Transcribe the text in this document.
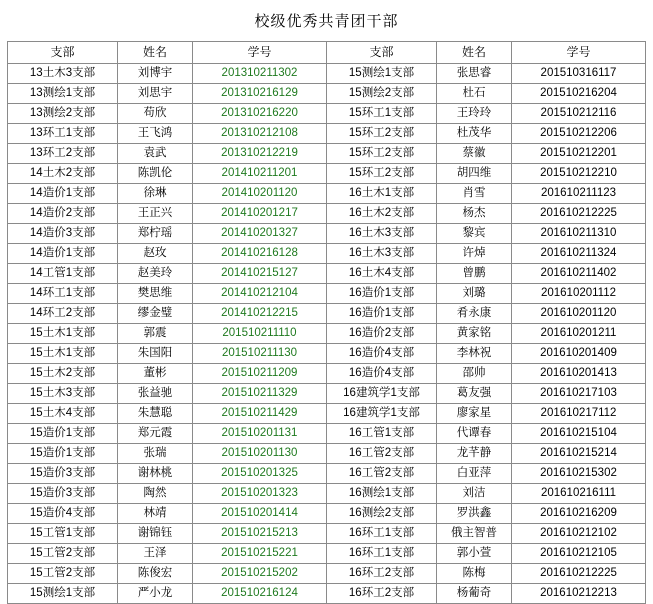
校级优秀共青团干部
支部	姓名	学号	支部	姓名	学号
13土木3支部	刘博宇	201310211302	15测绘1支部	张思睿	201510316117
13测绘1支部	刘思宇	201310216129	15测绘2支部	杜石	201510216204
13测绘2支部	苟欣	201310216220	15环工1支部	王玲玲	201510212116
13环工1支部	王飞鸿	201310212108	15环工2支部	杜茂华	201510212206
13环工2支部	袁武	201310212219	15环工2支部	蔡徽	201510212201
14土木2支部	陈凯伦	201410211201	15环工2支部	胡四维	201510212210
14造价1支部	徐琳	201410201120	16土木1支部	肖雪	201610211123
14造价2支部	王正兴	201410201217	16土木2支部	杨杰	201610212225
14造价3支部	郑柠瑶	201410201327	16土木3支部	黎宾	201610211310
14造价1支部	赵玫	201410216128	16土木3支部	许焯	201610211324
14工管1支部	赵美玲	201410215127	16土木4支部	曾鹏	201610211402
14环工1支部	樊思维	201410212104	16造价1支部	刘璐	201610201112
14环工2支部	缪金璧	201410212215	16造价1支部	肴永康	201610201120
15土木1支部	郭震	201510211110	16造价2支部	黄家铭	201610201211
15土木1支部	朱国阳	201510211130	16造价4支部	李林祝	201610201409
15土木2支部	董彬	201510211209	16造价4支部	邵帅	201610201413
15土木3支部	张益驰	201510211329	16建筑学1支部	葛友强	201610217103
15土木4支部	朱慧聪	201510211429	16建筑学1支部	廖家星	201610217112
15造价1支部	郑元霞	201510201131	16工管1支部	代谭春	201610215104
15造价1支部	张瑞	201510201130	16工管2支部	龙芊静	201610215214
15造价3支部	谢林桃	201510201325	16工管2支部	白亚萍	201610215302
15造价3支部	陶然	201510201323	16测绘1支部	刘洁	201610216111
15造价4支部	林靖	201510201414	16测绘2支部	罗洪鑫	201610216209
15工管1支部	谢锦钰	201510215213	16环工1支部	俄主智普	201610212102
15工管2支部	王泽	201510215221	16环工1支部	郭小萱	201610212105
15工管2支部	陈俊宏	201510215202	16环工2支部	陈梅	201610212225
15测绘1支部	严小龙	201510216124	16环工2支部	杨葡奇	201610212213
